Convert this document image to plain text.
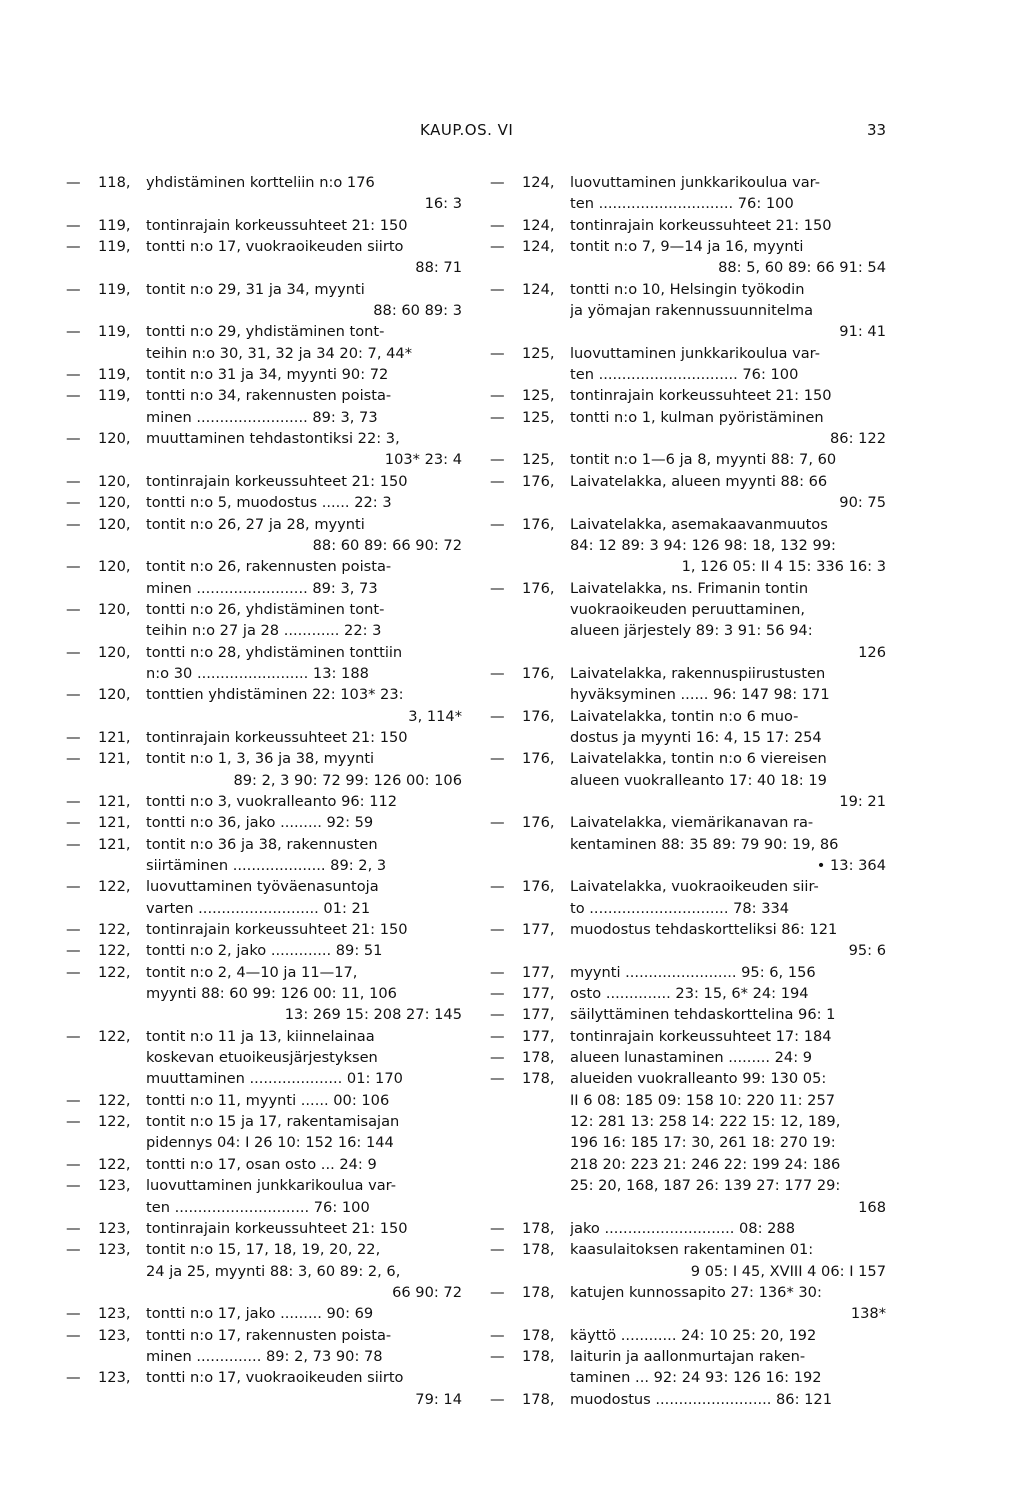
KAUP.OS. VI	33
—	118,	yhdistäminen kortteliin n:o 176
16: 3
—	119,	tontinrajain korkeussuhteet 21: 150
—	119,	tontti n:o 17, vuokraoikeuden siirto
88: 71
—	119,	tontit n:o 29, 31 ja 34, myynti
88: 60 89: 3
—	119,	tontti n:o 29, yhdistäminen tont-
teihin n:o 30, 31, 32 ja 34 20: 7, 44*
—	119,	tontit n:o 31 ja 34, myynti 90: 72
—	119,	tontti n:o 34, rakennusten poista-
minen ........................ 89: 3, 73
—	120,	muuttaminen tehdastontiksi 22: 3,
103* 23: 4
—	120,	tontinrajain korkeussuhteet 21: 150
—	120,	tontti n:o 5, muodostus ...... 22: 3
—	120,	tontit n:o 26, 27 ja 28, myynti
88: 60 89: 66 90: 72
—	120,	tontit n:o 26, rakennusten poista-
minen ........................ 89: 3, 73
—	120,	tontti n:o 26, yhdistäminen tont-
teihin n:o 27 ja 28 ............ 22: 3
—	120,	tontti n:o 28, yhdistäminen tonttiin
n:o 30 ........................ 13: 188
—	120,	tonttien yhdistäminen 22: 103* 23:
3, 114*
—	121,	tontinrajain korkeussuhteet 21: 150
—	121,	tontit n:o 1, 3, 36 ja 38, myynti
89: 2, 3 90: 72 99: 126 00: 106
—	121,	tontti n:o 3, vuokralleanto 96: 112
—	121,	tontti n:o 36, jako ......... 92: 59
—	121,	tontit n:o 36 ja 38, rakennusten
siirtäminen .................... 89: 2, 3
—	122,	luovuttaminen työväenasuntoja
varten .......................... 01: 21
—	122,	tontinrajain korkeussuhteet 21: 150
—	122,	tontti n:o 2, jako ............. 89: 51
—	122,	tontit n:o 2, 4—10 ja 11—17,
myynti 88: 60 99: 126 00: 11, 106
13: 269 15: 208 27: 145
—	122,	tontit n:o 11 ja 13, kiinnelainaa
koskevan etuoikeusjärjestyksen
muuttaminen .................... 01: 170
—	122,	tontti n:o 11, myynti ...... 00: 106
—	122,	tontit n:o 15 ja 17, rakentamisajan
pidennys 04: I 26 10: 152 16: 144
—	122,	tontti n:o 17, osan osto ... 24: 9
—	123,	luovuttaminen junkkarikoulua var-
ten ............................. 76: 100
—	123,	tontinrajain korkeussuhteet 21: 150
—	123,	tontit n:o 15, 17, 18, 19, 20, 22,
24 ja 25, myynti 88: 3, 60 89: 2, 6,
66 90: 72
—	123,	tontti n:o 17, jako ......... 90: 69
—	123,	tontti n:o 17, rakennusten poista-
minen .............. 89: 2, 73 90: 78
—	123,	tontti n:o 17, vuokraoikeuden siirto
79: 14
—	124,	luovuttaminen junkkarikoulua var-
ten ............................. 76: 100
—	124,	tontinrajain korkeussuhteet 21: 150
—	124,	tontit n:o 7, 9—14 ja 16, myynti
88: 5, 60 89: 66 91: 54
—	124,	tontti n:o 10, Helsingin työkodin
ja yömajan rakennussuunnitelma
91: 41
—	125,	luovuttaminen junkkarikoulua var-
ten .............................. 76: 100
—	125,	tontinrajain korkeussuhteet 21: 150
—	125,	tontti n:o 1, kulman pyöristäminen
86: 122
—	125,	tontit n:o 1—6 ja 8, myynti 88: 7, 60
—	176,	Laivatelakka, alueen myynti 88: 66
90: 75
—	176,	Laivatelakka, asemakaavanmuutos
84: 12 89: 3 94: 126 98: 18, 132 99:
1, 126 05: II 4 15: 336 16: 3
—	176,	Laivatelakka, ns. Frimanin tontin
vuokraoikeuden peruuttaminen,
alueen järjestely 89: 3 91: 56 94:
126
—	176,	Laivatelakka, rakennuspiirustusten
hyväksyminen ...... 96: 147 98: 171
—	176,	Laivatelakka, tontin n:o 6 muo-
dostus ja myynti 16: 4, 15 17: 254
—	176,	Laivatelakka, tontin n:o 6 viereisen
alueen vuokralleanto 17: 40 18: 19
19: 21
—	176,	Laivatelakka, viemärikanavan ra-
kentaminen 88: 35 89: 79 90: 19, 86
• 13: 364
—	176,	Laivatelakka, vuokraoikeuden siir-
to .............................. 78: 334
—	177,	muodostus tehdaskortteliksi 86: 121
95: 6
—	177,	myynti ........................ 95: 6, 156
—	177,	osto .............. 23: 15, 6* 24: 194
—	177,	säilyttäminen tehdaskorttelina 96: 1
—	177,	tontinrajain korkeussuhteet 17: 184
—	178,	alueen lunastaminen ......... 24: 9
—	178,	alueiden vuokralleanto 99: 130 05:
II 6 08: 185 09: 158 10: 220 11: 257
12: 281 13: 258 14: 222 15: 12, 189,
196 16: 185 17: 30, 261 18: 270 19:
218 20: 223 21: 246 22: 199 24: 186
25: 20, 168, 187 26: 139 27: 177 29:
168
—	178,	jako ............................ 08: 288
—	178,	kaasulaitoksen rakentaminen 01:
9 05: I 45, XVIII 4 06: I 157
—	178,	katujen kunnossapito 27: 136* 30:
138*
—	178,	käyttö ............ 24: 10 25: 20, 192
—	178,	laiturin ja aallonmurtajan raken-
taminen ... 92: 24 93: 126 16: 192
—	178,	muodostus ......................... 86: 121
